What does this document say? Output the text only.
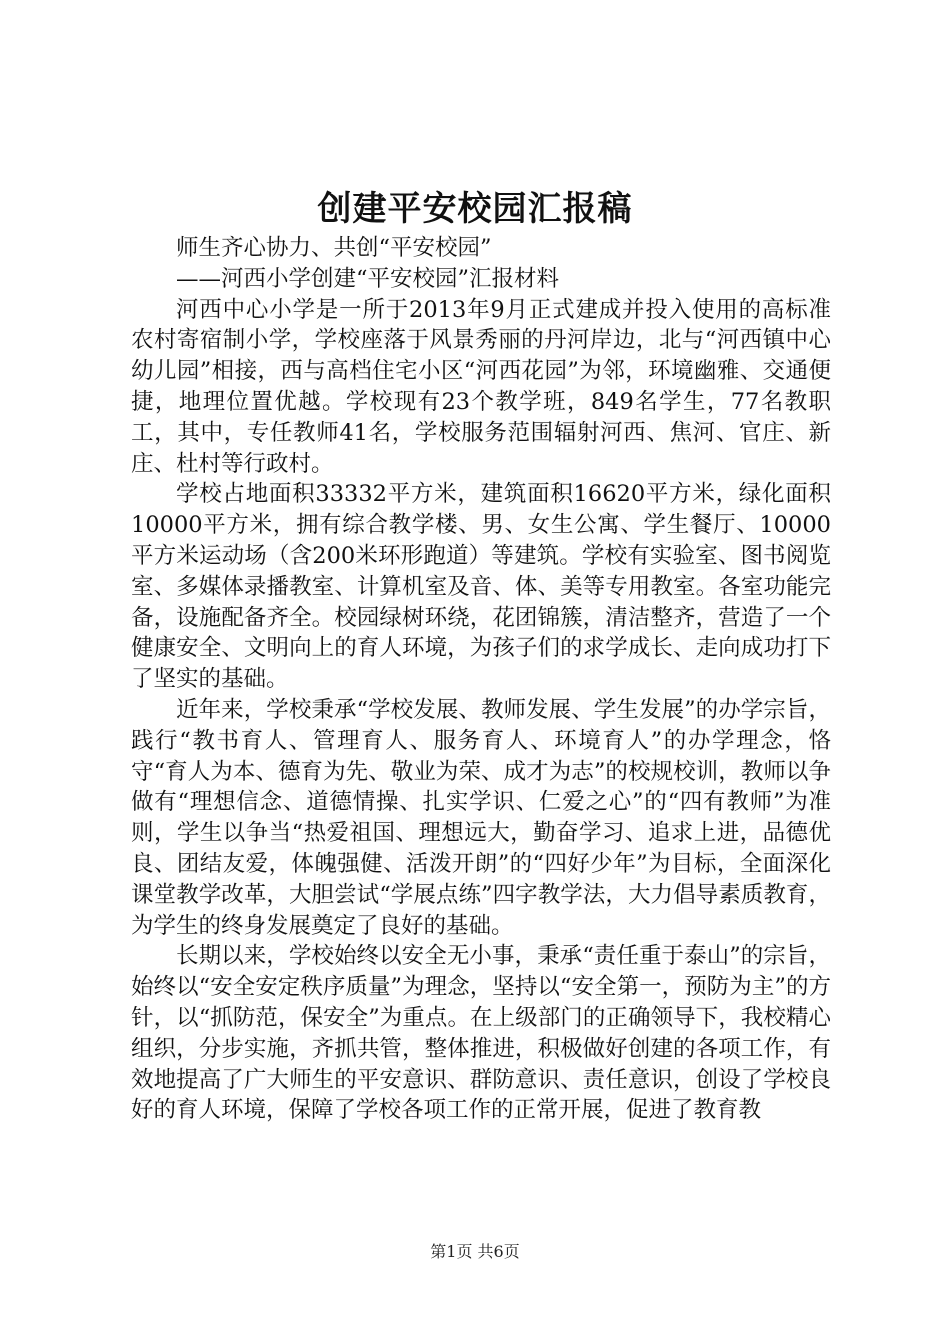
创建平安校园汇报稿

师生齐心协力、共创“平安校园”

——河西小学创建“平安校园”汇报材料

河西中心小学是一所于2013年9月正式建成并投入使用的高标准农村寄宿制小学，学校座落于风景秀丽的丹河岸边，北与“河西镇中心幼儿园”相接，西与高档住宅小区“河西花园”为邻，环境幽雅、交通便捷，地理位置优越。学校现有23个教学班，849名学生，77名教职工，其中，专任教师41名，学校服务范围辐射河西、焦河、官庄、新庄、杜村等行政村。

学校占地面积33332平方米，建筑面积16620平方米，绿化面积10000平方米，拥有综合教学楼、男、女生公寓、学生餐厅、10000平方米运动场（含200米环形跑道）等建筑。学校有实验室、图书阅览室、多媒体录播教室、计算机室及音、体、美等专用教室。各室功能完备，设施配备齐全。校园绿树环绕，花团锦簇，清洁整齐，营造了一个健康安全、文明向上的育人环境，为孩子们的求学成长、走向成功打下了坚实的基础。

近年来，学校秉承“学校发展、教师发展、学生发展”的办学宗旨，践行“教书育人、管理育人、服务育人、环境育人”的办学理念，恪守“育人为本、德育为先、敬业为荣、成才为志”的校规校训，教师以争做有“理想信念、道德情操、扎实学识、仁爱之心”的“四有教师”为准则，学生以争当“热爱祖国、理想远大，勤奋学习、追求上进，品德优良、团结友爱，体魄强健、活泼开朗”的“四好少年”为目标，全面深化课堂教学改革，大胆尝试“学展点练”四字教学法，大力倡导素质教育，为学生的终身发展奠定了良好的基础。

长期以来，学校始终以安全无小事，秉承“责任重于泰山”的宗旨，始终以“安全安定秩序质量”为理念，坚持以“安全第一，预防为主”的方针，以“抓防范，保安全”为重点。在上级部门的正确领导下，我校精心组织，分步实施，齐抓共管，整体推进，积极做好创建的各项工作，有效地提高了广大师生的平安意识、群防意识、责任意识，创设了学校良好的育人环境，保障了学校各项工作的正常开展，促进了教育教

第1页 共6页
